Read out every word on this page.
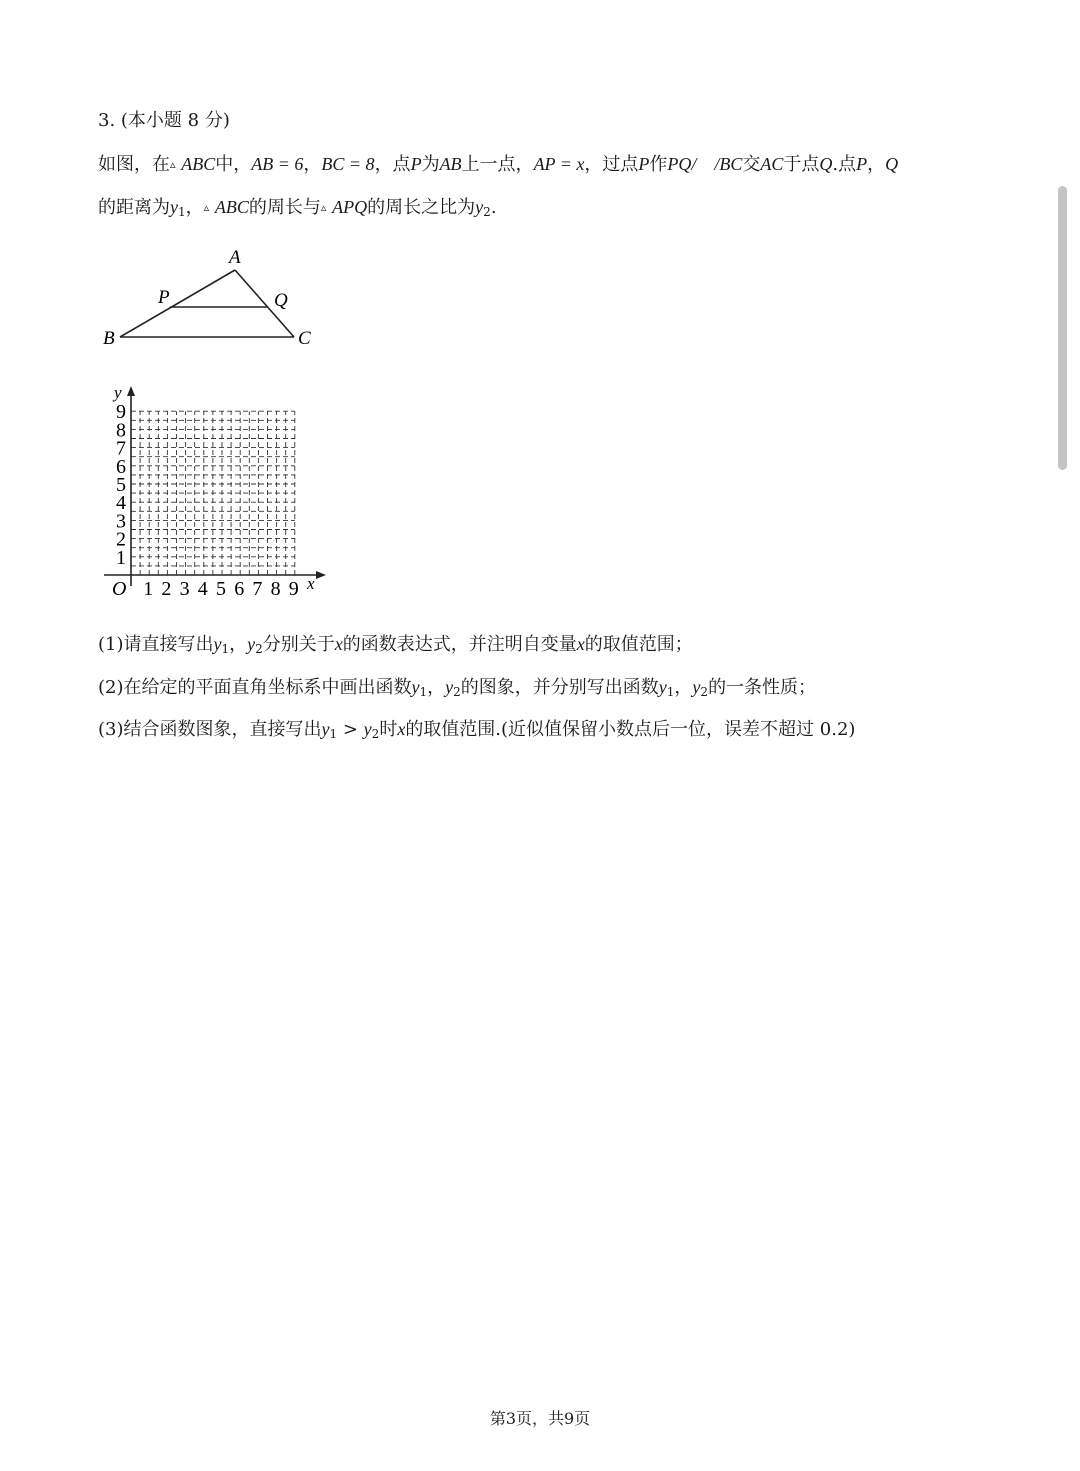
3. (本小题 8 分)
如图，在▵ ABC中，AB = 6，BC = 8，点P为AB上一点，AP = x，过点P作PQ/　/BC交AC于点Q.点P，Q
的距离为$y_1$，▵ ABC的周长与▵ APQ的周长之比为$y_2$.
A
B	C
P	Q
1 2 3 4 5 6 7 8 9
1
2
3
4
5
6
7
8
9
O	x
y
(1)请直接写出$y_1$，$y_2$分别关于x的函数表达式，并注明自变量x的取值范围；
(2)在给定的平面直角坐标系中画出函数$y_1$，$y_2$的图象，并分别写出函数$y_1$，$y_2$的一条性质；
(3)结合函数图象，直接写出$y_1 > y_2$时x的取值范围.(近似值保留小数点后一位，误差不超过 0.2)
第3页，共9页
